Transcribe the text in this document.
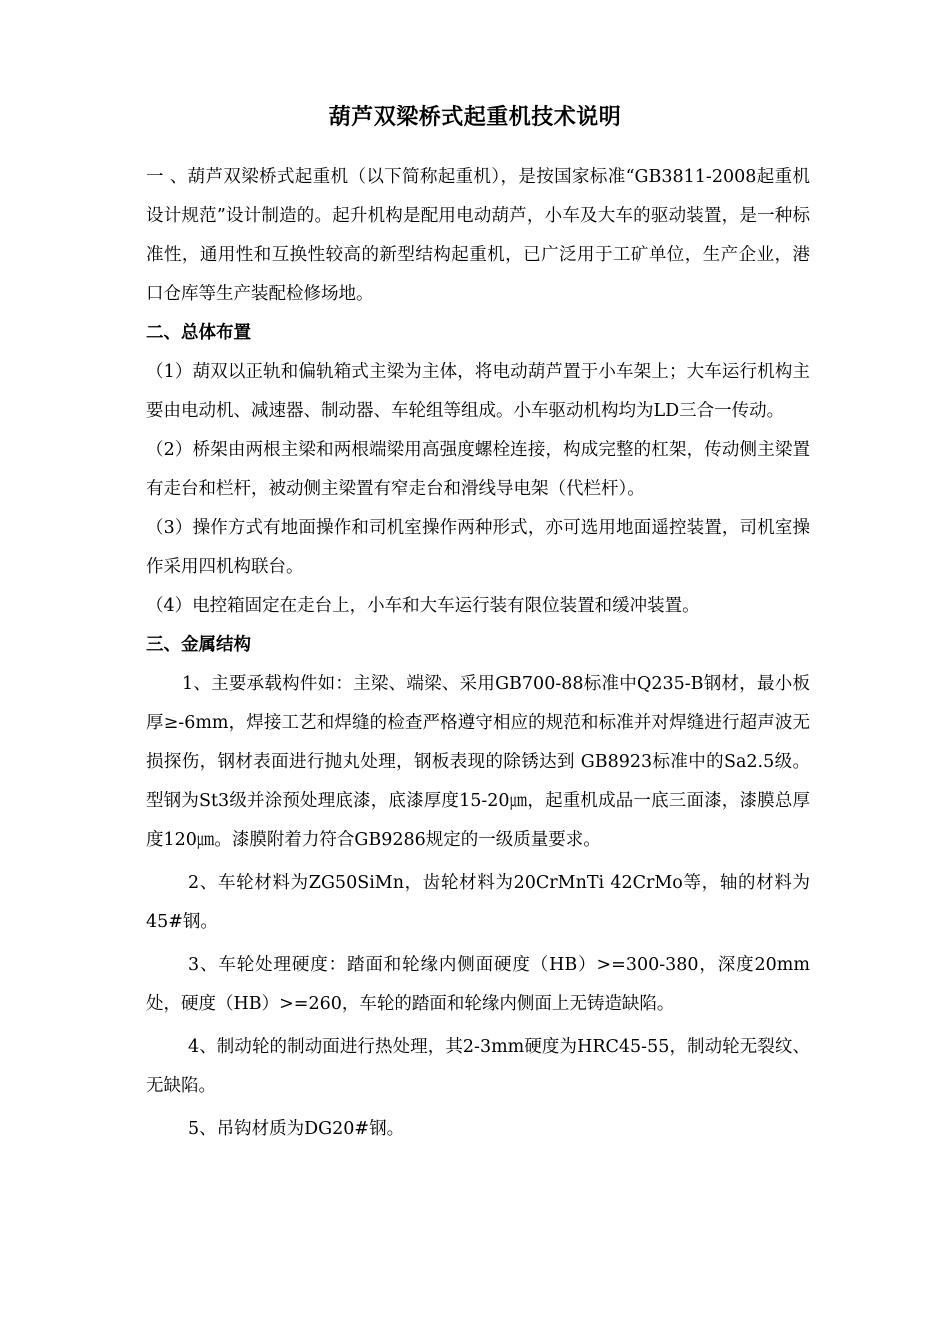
葫芦双梁桥式起重机技术说明

一 、葫芦双梁桥式起重机（以下简称起重机），是按国家标准“GB3811-2008起重机设计规范”设计制造的。起升机构是配用电动葫芦，小车及大车的驱动装置，是一种标准性，通用性和互换性较高的新型结构起重机，已广泛用于工矿单位，生产企业，港口仓库等生产装配检修场地。

二、总体布置

（1）葫双以正轨和偏轨箱式主梁为主体，将电动葫芦置于小车架上；大车运行机构主要由电动机、减速器、制动器、车轮组等组成。小车驱动机构均为LD三合一传动。

（2）桥架由两根主梁和两根端梁用高强度螺栓连接，构成完整的杠架，传动侧主梁置有走台和栏杆，被动侧主梁置有窄走台和滑线导电架（代栏杆）。

（3）操作方式有地面操作和司机室操作两种形式，亦可选用地面遥控装置，司机室操作采用四机构联台。

（4）电控箱固定在走台上，小车和大车运行装有限位装置和缓冲装置。

三、金属结构

1、主要承载构件如：主梁、端梁、采用GB700-88标准中Q235-B钢材，最小板厚≥-6mm，焊接工艺和焊缝的检查严格遵守相应的规范和标准并对焊缝进行超声波无损探伤，钢材表面进行抛丸处理，钢板表现的除锈达到 GB8923标准中的Sa2.5级。型钢为St3级并涂预处理底漆，底漆厚度15-20㎛，起重机成品一底三面漆，漆膜总厚度120㎛。漆膜附着力符合GB9286规定的一级质量要求。

2、车轮材料为ZG50SiMn，齿轮材料为20CrMnTi 42CrMo等，轴的材料为45#钢。

3、车轮处理硬度：踏面和轮缘内侧面硬度（HB）>=300-380，深度20mm处，硬度（HB）>=260，车轮的踏面和轮缘内侧面上无铸造缺陷。

4、制动轮的制动面进行热处理，其2-3mm硬度为HRC45-55，制动轮无裂纹、无缺陷。

5、吊钩材质为DG20#钢。
